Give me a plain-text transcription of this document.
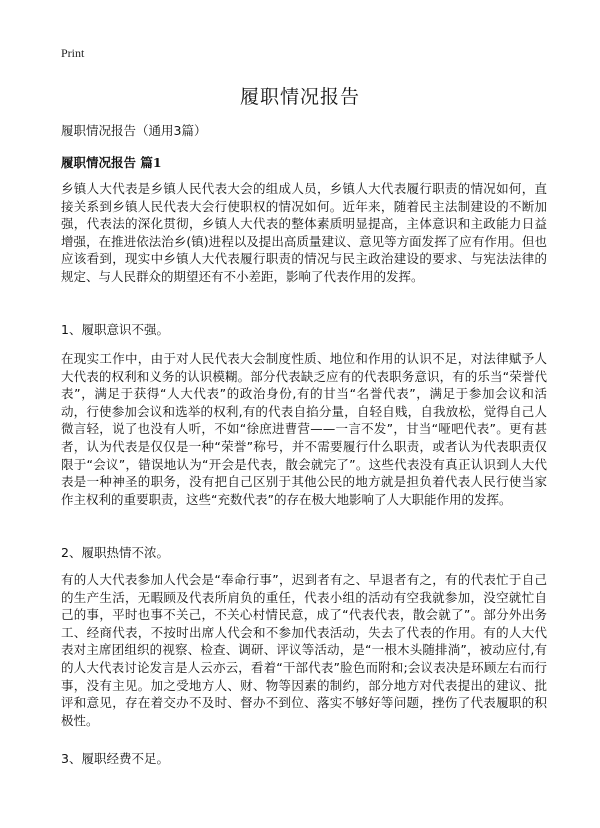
Print
履职情况报告
履职情况报告（通用3篇）
履职情况报告 篇1

乡镇人大代表是乡镇人民代表大会的组成人员，乡镇人大代表履行职责的情况如何，直接关系到乡镇人民代表大会行使职权的情况如何。近年来，随着民主法制建设的不断加强，代表法的深化贯彻，乡镇人大代表的整体素质明显提高，主体意识和主政能力日益增强，在推进依法治乡(镇)进程以及提出高质量建议、意见等方面发挥了应有作用。但也应该看到，现实中乡镇人大代表履行职责的情况与民主政治建设的要求、与宪法法律的规定、与人民群众的期望还有不小差距，影响了代表作用的发挥。

1、履职意识不强。

在现实工作中，由于对人民代表大会制度性质、地位和作用的认识不足，对法律赋予人大代表的权利和义务的认识模糊。部分代表缺乏应有的代表职务意识，有的乐当“荣誉代表”，满足于获得“人大代表”的政治身份,有的甘当“名誉代表”，满足于参加会议和活动，行使参加会议和选举的权利,有的代表自掐分量，自轻自贱，自我放松，觉得自己人微言轻，说了也没有人听，不如“徐庶进曹营——一言不发”，甘当“哑吧代表”。更有甚者，认为代表是仅仅是一种“荣誉”称号，并不需要履行什么职责，或者认为代表职责仅限于“会议”，错误地认为“开会是代表，散会就完了”。这些代表没有真正认识到人大代表是一种神圣的职务，没有把自己区别于其他公民的地方就是担负着代表人民行使当家作主权利的重要职责，这些“充数代表”的存在极大地影响了人大职能作用的发挥。

2、履职热情不浓。

有的人大代表参加人代会是“奉命行事”，迟到者有之、早退者有之，有的代表忙于自己的生产生活，无暇顾及代表所肩负的重任，代表小组的活动有空我就参加，没空就忙自己的事，平时也事不关己，不关心村情民意，成了“代表代表，散会就了”。部分外出务工、经商代表，不按时出席人代会和不参加代表活动，失去了代表的作用。有的人大代表对主席团组织的视察、检查、调研、评议等活动，是“一根木头随排淌”，被动应付,有的人大代表讨论发言是人云亦云，看着“干部代表”脸色而附和;会议表决是环顾左右而行事，没有主见。加之受地方人、财、物等因素的制约，部分地方对代表提出的建议、批评和意见，存在着交办不及时、督办不到位、落实不够好等问题，挫伤了代表履职的积极性。

3、履职经费不足。
